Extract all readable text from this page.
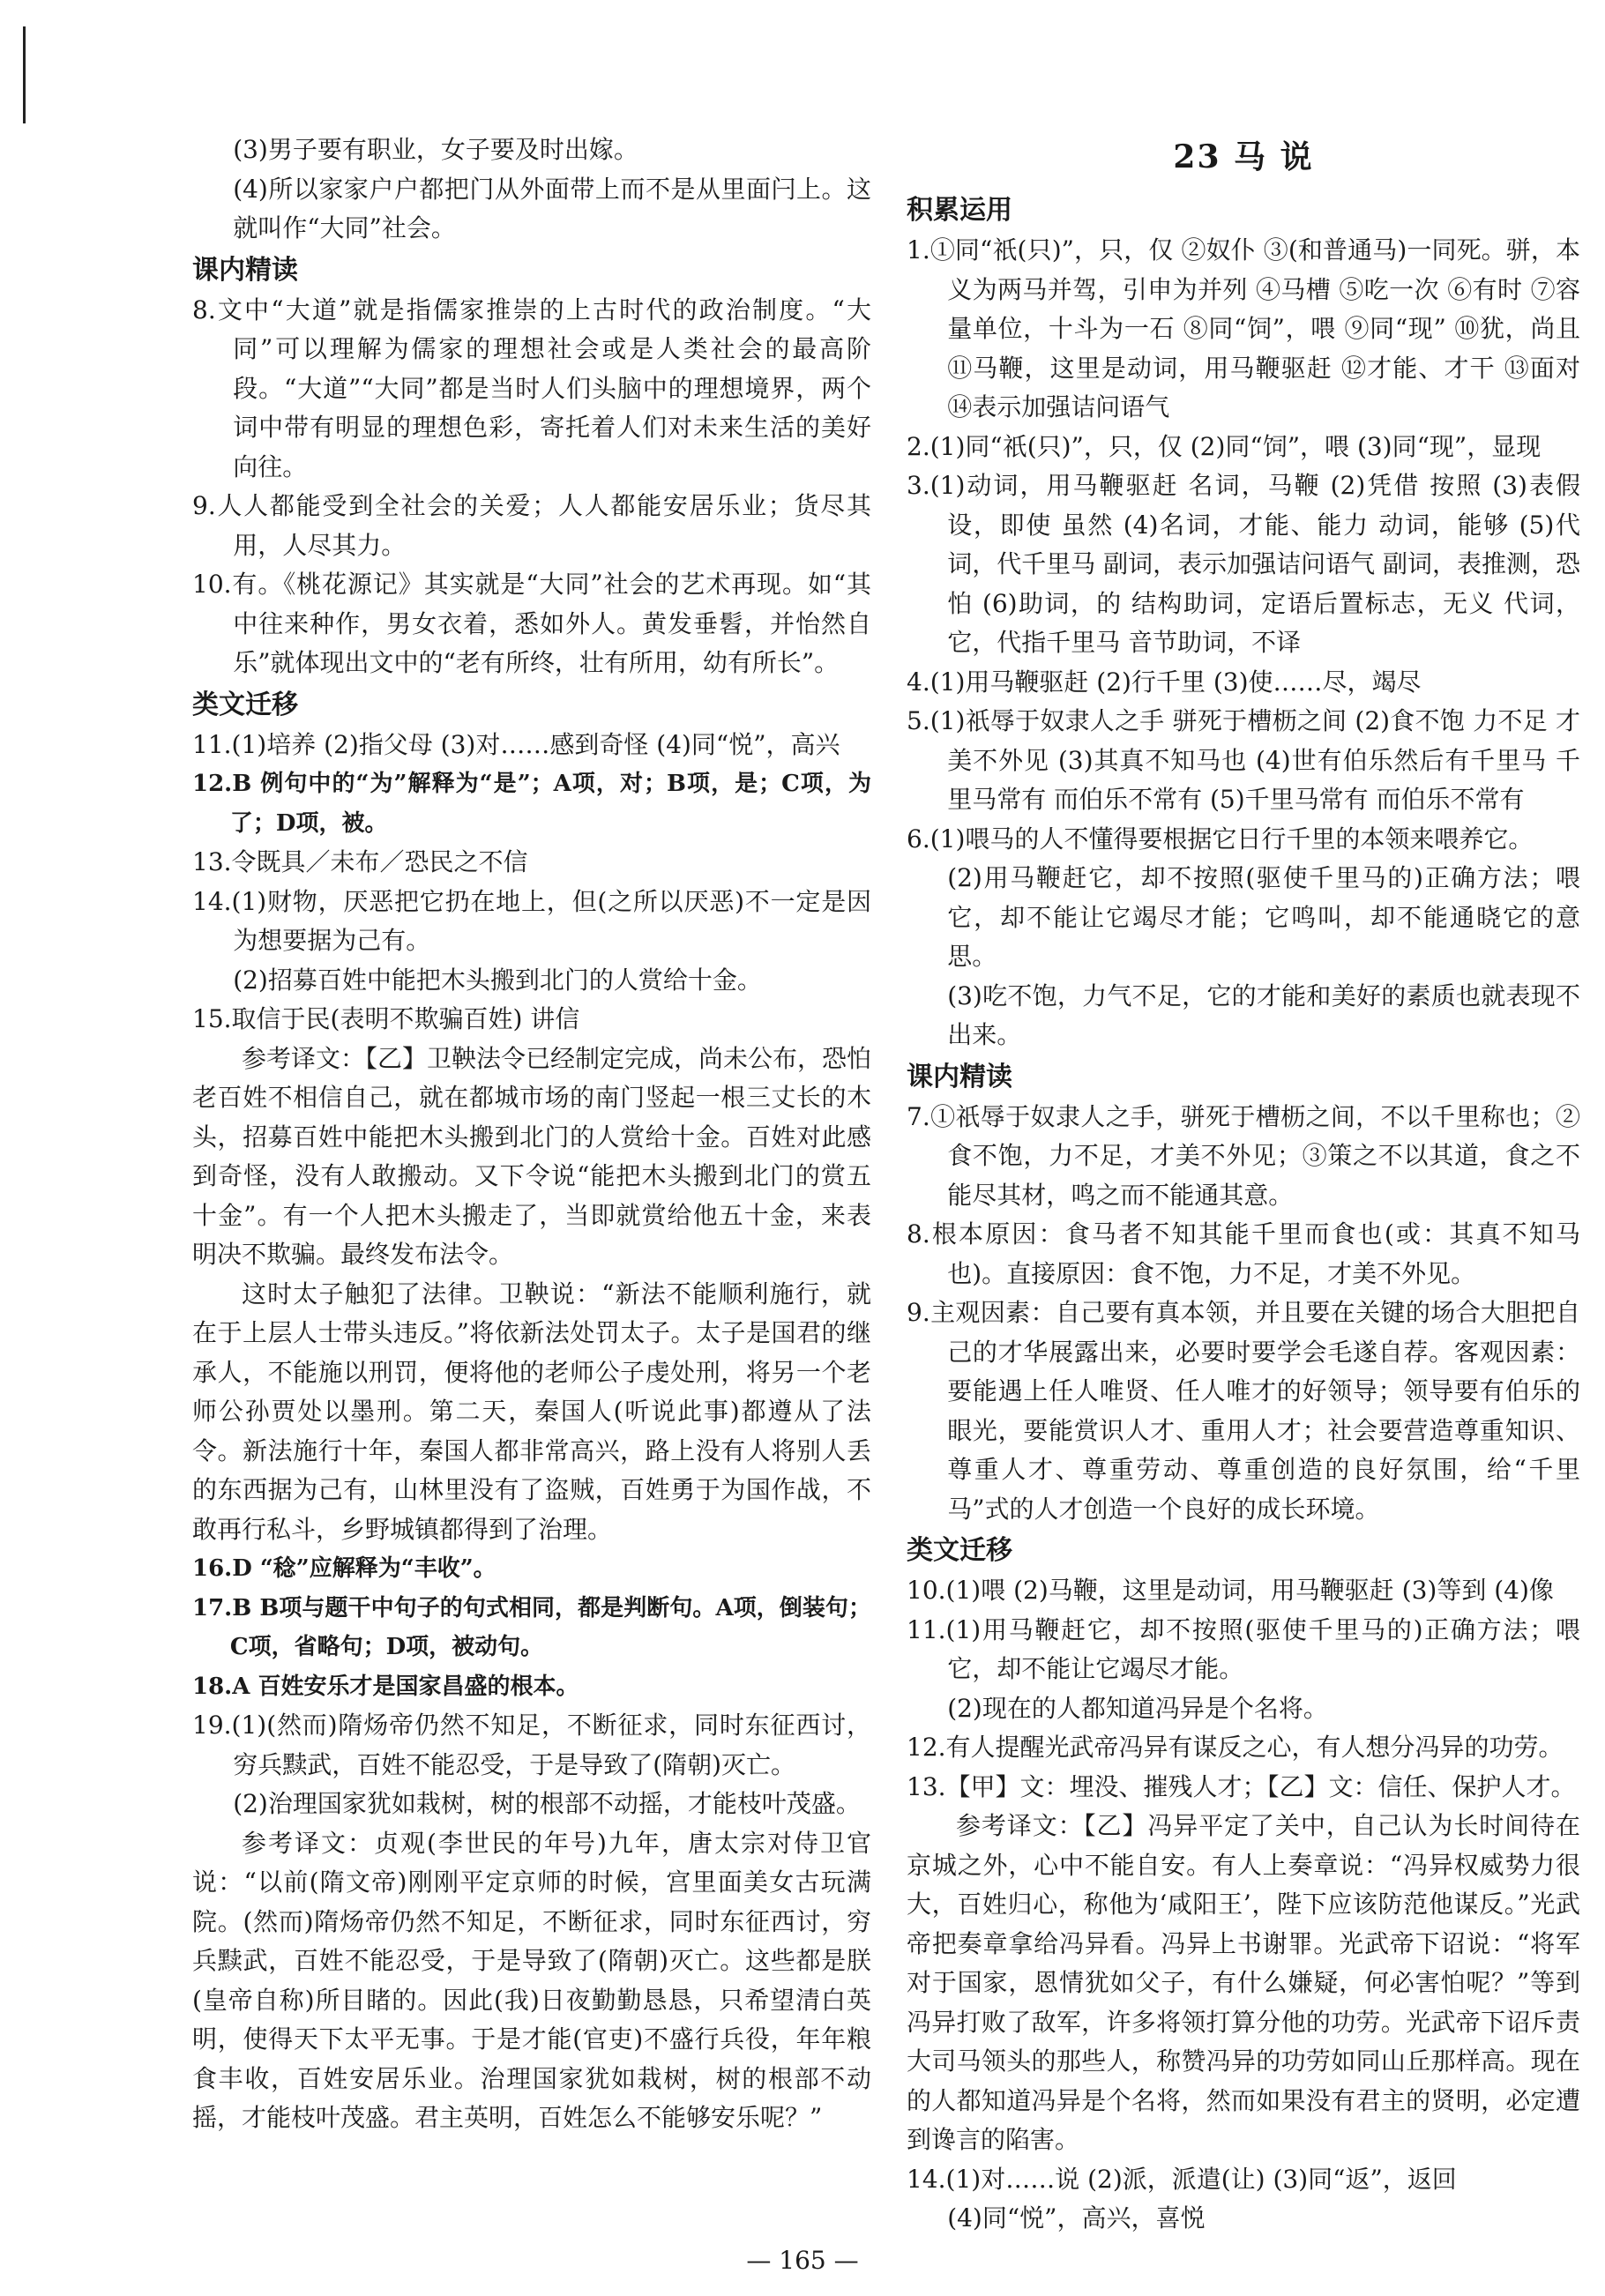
(3)男子要有职业，女子要及时出嫁。

(4)所以家家户户都把门从外面带上而不是从里面闩上。这就叫作“大同”社会。

课内精读

8.文中“大道”就是指儒家推崇的上古时代的政治制度。“大同”可以理解为儒家的理想社会或是人类社会的最高阶段。“大道”“大同”都是当时人们头脑中的理想境界，两个词中带有明显的理想色彩，寄托着人们对未来生活的美好向往。

9.人人都能受到全社会的关爱；人人都能安居乐业；货尽其用，人尽其力。

10.有。《桃花源记》其实就是“大同”社会的艺术再现。如“其中往来种作，男女衣着，悉如外人。黄发垂髫，并怡然自乐”就体现出文中的“老有所终，壮有所用，幼有所长”。

类文迁移

11.(1)培养 (2)指父母 (3)对……感到奇怪 (4)同“悦”，高兴

12.B 例句中的“为”解释为“是”；A项，对；B项，是；C项，为了；D项，被。

13.令既具／未布／恐民之不信

14.(1)财物，厌恶把它扔在地上，但(之所以厌恶)不一定是因为想要据为己有。

(2)招募百姓中能把木头搬到北门的人赏给十金。

15.取信于民(表明不欺骗百姓) 讲信

参考译文：【乙】卫鞅法令已经制定完成，尚未公布，恐怕老百姓不相信自己，就在都城市场的南门竖起一根三丈长的木头，招募百姓中能把木头搬到北门的人赏给十金。百姓对此感到奇怪，没有人敢搬动。又下令说“能把木头搬到北门的赏五十金”。有一个人把木头搬走了，当即就赏给他五十金，来表明决不欺骗。最终发布法令。

这时太子触犯了法律。卫鞅说：“新法不能顺利施行，就在于上层人士带头违反。”将依新法处罚太子。太子是国君的继承人，不能施以刑罚，便将他的老师公子虔处刑，将另一个老师公孙贾处以墨刑。第二天，秦国人(听说此事)都遵从了法令。新法施行十年，秦国人都非常高兴，路上没有人将别人丢的东西据为己有，山林里没有了盗贼，百姓勇于为国作战，不敢再行私斗，乡野城镇都得到了治理。

16.D “稔”应解释为“丰收”。

17.B B项与题干中句子的句式相同，都是判断句。A项，倒装句；C项，省略句；D项，被动句。

18.A 百姓安乐才是国家昌盛的根本。

19.(1)(然而)隋炀帝仍然不知足，不断征求，同时东征西讨，穷兵黩武，百姓不能忍受，于是导致了(隋朝)灭亡。

(2)治理国家犹如栽树，树的根部不动摇，才能枝叶茂盛。

参考译文：贞观(李世民的年号)九年，唐太宗对侍卫官说：“以前(隋文帝)刚刚平定京师的时候，宫里面美女古玩满院。(然而)隋炀帝仍然不知足，不断征求，同时东征西讨，穷兵黩武，百姓不能忍受，于是导致了(隋朝)灭亡。这些都是朕(皇帝自称)所目睹的。因此(我)日夜勤勤恳恳，只希望清白英明，使得天下太平无事。于是才能(官吏)不盛行兵役，年年粮食丰收，百姓安居乐业。治理国家犹如栽树，树的根部不动摇，才能枝叶茂盛。君主英明，百姓怎么不能够安乐呢？”

23 马 说
积累运用

1.①同“祇(只)”，只，仅 ②奴仆 ③(和普通马)一同死。骈，本义为两马并驾，引申为并列 ④马槽 ⑤吃一次 ⑥有时 ⑦容量单位，十斗为一石 ⑧同“饲”，喂 ⑨同“现” ⑩犹，尚且 ⑪马鞭，这里是动词，用马鞭驱赶 ⑫才能、才干 ⑬面对 ⑭表示加强诘问语气

2.(1)同“祇(只)”，只，仅 (2)同“饲”，喂 (3)同“现”，显现

3.(1)动词，用马鞭驱赶 名词，马鞭 (2)凭借 按照 (3)表假设，即使 虽然 (4)名词，才能、能力 动词，能够 (5)代词，代千里马 副词，表示加强诘问语气 副词，表推测，恐怕 (6)助词，的 结构助词，定语后置标志，无义 代词，它，代指千里马 音节助词，不译

4.(1)用马鞭驱赶 (2)行千里 (3)使……尽，竭尽

5.(1)祇辱于奴隶人之手 骈死于槽枥之间 (2)食不饱 力不足 才美不外见 (3)其真不知马也 (4)世有伯乐然后有千里马 千里马常有 而伯乐不常有 (5)千里马常有 而伯乐不常有

6.(1)喂马的人不懂得要根据它日行千里的本领来喂养它。

(2)用马鞭赶它，却不按照(驱使千里马的)正确方法；喂它，却不能让它竭尽才能；它鸣叫，却不能通晓它的意思。

(3)吃不饱，力气不足，它的才能和美好的素质也就表现不出来。

课内精读

7.①祇辱于奴隶人之手，骈死于槽枥之间，不以千里称也；②食不饱，力不足，才美不外见；③策之不以其道，食之不能尽其材，鸣之而不能通其意。

8.根本原因：食马者不知其能千里而食也(或：其真不知马也)。直接原因：食不饱，力不足，才美不外见。

9.主观因素：自己要有真本领，并且要在关键的场合大胆把自己的才华展露出来，必要时要学会毛遂自荐。客观因素：要能遇上任人唯贤、任人唯才的好领导；领导要有伯乐的眼光，要能赏识人才、重用人才；社会要营造尊重知识、尊重人才、尊重劳动、尊重创造的良好氛围，给“千里马”式的人才创造一个良好的成长环境。

类文迁移

10.(1)喂 (2)马鞭，这里是动词，用马鞭驱赶 (3)等到 (4)像

11.(1)用马鞭赶它，却不按照(驱使千里马的)正确方法；喂它，却不能让它竭尽才能。

(2)现在的人都知道冯异是个名将。

12.有人提醒光武帝冯异有谋反之心，有人想分冯异的功劳。

13.【甲】文：埋没、摧残人才；【乙】文：信任、保护人才。

参考译文：【乙】冯异平定了关中，自己认为长时间待在京城之外，心中不能自安。有人上奏章说：“冯异权威势力很大，百姓归心，称他为‘咸阳王’，陛下应该防范他谋反。”光武帝把奏章拿给冯异看。冯异上书谢罪。光武帝下诏说：“将军对于国家，恩情犹如父子，有什么嫌疑，何必害怕呢？”等到冯异打败了敌军，许多将领打算分他的功劳。光武帝下诏斥责大司马领头的那些人，称赞冯异的功劳如同山丘那样高。现在的人都知道冯异是个名将，然而如果没有君主的贤明，必定遭到谗言的陷害。

14.(1)对……说 (2)派，派遣(让) (3)同“返”，返回

(4)同“悦”，高兴，喜悦

— 165 —
